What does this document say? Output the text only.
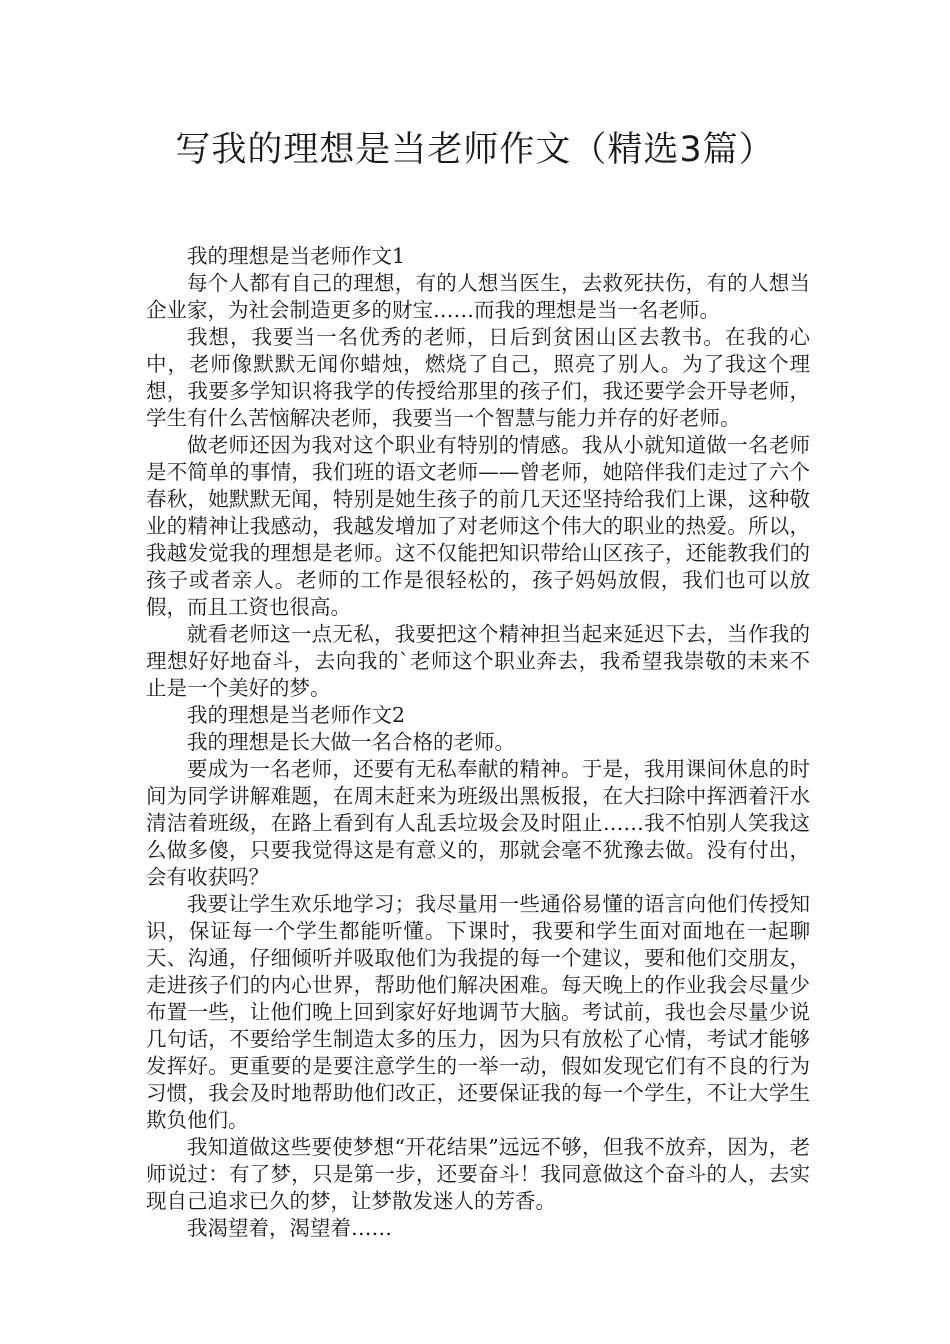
写我的理想是当老师作文（精选3篇）

我的理想是当老师作文1

每个人都有自己的理想，有的人想当医生，去救死扶伤，有的人想当企业家，为社会制造更多的财宝……而我的理想是当一名老师。

我想，我要当一名优秀的老师，日后到贫困山区去教书。在我的心中，老师像默默无闻你蜡烛，燃烧了自己，照亮了别人。为了我这个理想，我要多学知识将我学的传授给那里的孩子们，我还要学会开导老师，学生有什么苦恼解决老师，我要当一个智慧与能力并存的好老师。

做老师还因为我对这个职业有特别的情感。我从小就知道做一名老师是不简单的事情，我们班的语文老师——曾老师，她陪伴我们走过了六个春秋，她默默无闻，特别是她生孩子的前几天还坚持给我们上课，这种敬业的精神让我感动，我越发增加了对老师这个伟大的职业的热爱。所以，我越发觉我的理想是老师。这不仅能把知识带给山区孩子，还能教我们的孩子或者亲人。老师的工作是很轻松的，孩子妈妈放假，我们也可以放假，而且工资也很高。

就看老师这一点无私，我要把这个精神担当起来延迟下去，当作我的理想好好地奋斗，去向我的`老师这个职业奔去，我希望我崇敬的未来不止是一个美好的梦。

我的理想是当老师作文2

我的理想是长大做一名合格的老师。

要成为一名老师，还要有无私奉献的精神。于是，我用课间休息的时间为同学讲解难题，在周末赶来为班级出黑板报，在大扫除中挥洒着汗水清洁着班级，在路上看到有人乱丢垃圾会及时阻止……我不怕别人笑我这么做多傻，只要我觉得这是有意义的，那就会毫不犹豫去做。没有付出，会有收获吗？

我要让学生欢乐地学习；我尽量用一些通俗易懂的语言向他们传授知识，保证每一个学生都能听懂。下课时，我要和学生面对面地在一起聊天、沟通，仔细倾听并吸取他们为我提的每一个建议，要和他们交朋友，走进孩子们的内心世界，帮助他们解决困难。每天晚上的作业我会尽量少布置一些，让他们晚上回到家好好地调节大脑。考试前，我也会尽量少说几句话，不要给学生制造太多的压力，因为只有放松了心情，考试才能够发挥好。更重要的是要注意学生的一举一动，假如发现它们有不良的行为习惯，我会及时地帮助他们改正，还要保证我的每一个学生，不让大学生欺负他们。

我知道做这些要使梦想“开花结果”远远不够，但我不放弃，因为，老师说过：有了梦，只是第一步，还要奋斗！我同意做这个奋斗的人，去实现自己追求已久的梦，让梦散发迷人的芳香。

我渴望着，渴望着……
